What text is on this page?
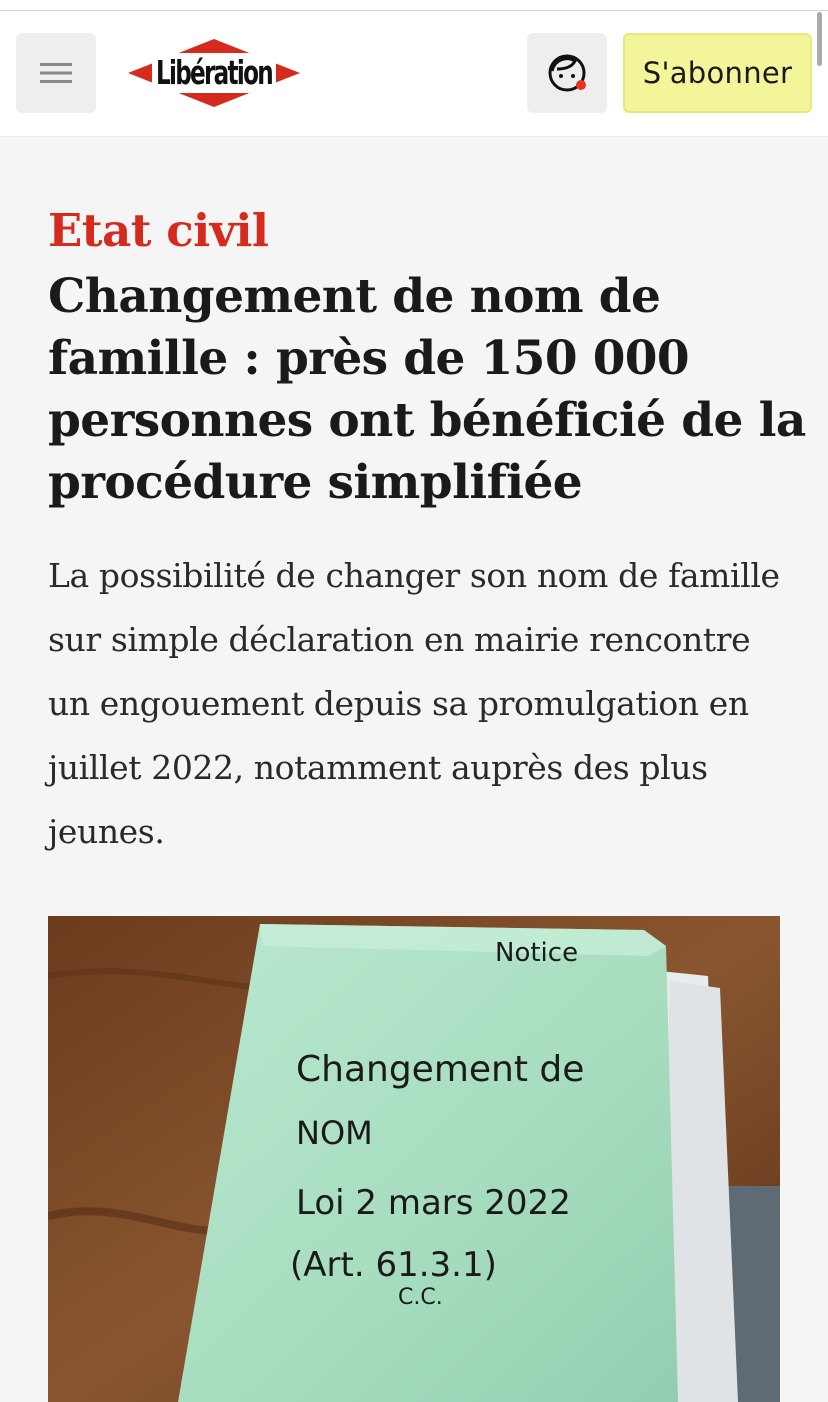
Libération	S'abonner
Etat civil
Changement de nom de famille : près de 150 000 personnes ont bénéficié de la procédure simplifiée

La possibilité de changer son nom de famille sur simple déclaration en mairie rencontre un engouement depuis sa promulgation en juillet 2022, notamment auprès des plus jeunes.

Notice
Changement de
NOM
Loi 2 mars 2022
(Art. 61.3.1)
C.C.
